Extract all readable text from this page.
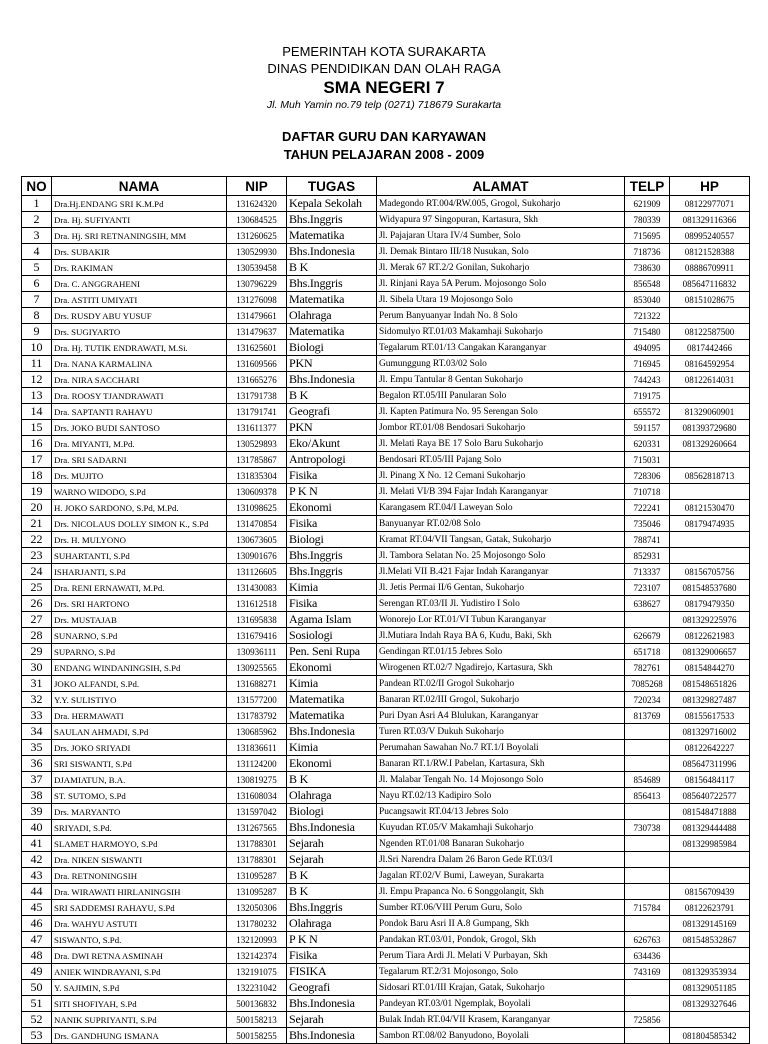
PEMERINTAH KOTA SURAKARTA
DINAS PENDIDIKAN DAN OLAH RAGA
SMA NEGERI 7
Jl. Muh Yamin no.79 telp (0271) 718679 Surakarta
DAFTAR GURU DAN KARYAWAN
TAHUN PELAJARAN 2008 - 2009
NO	NAMA	NIP	TUGAS	ALAMAT	TELP	HP
1	Dra.Hj.ENDANG SRI K.M.Pd	131624320	Kepala Sekolah	Madegondo RT.004/RW.005, Grogol, Sukoharjo	621909	08122977071
2	Dra. Hj. SUFIYANTI	130684525	Bhs.Inggris	Widyapura 97 Singopuran, Kartasura, Skh	780339	081329116366
3	Dra. Hj. SRI RETNANINGSIH, MM	131260625	Matematika	Jl. Pajajaran Utara IV/4 Sumber, Solo	715695	08995240557
4	Drs. SUBAKIR	130529930	Bhs.Indonesia	Jl. Demak Bintaro III/18 Nusukan, Solo	718736	08121528388
5	Drs. RAKIMAN	130539458	B K	Jl. Merak 67 RT.2/2 Gonilan, Sukoharjo	738630	08886709911
6	Dra. C. ANGGRAHENI	130796229	Bhs.Inggris	Jl. Rinjani Raya 5A Perum. Mojosongo Solo	856548	085647116832
7	Dra. ASTITI UMIYATI	131276098	Matematika	Jl. Sibela Utara 19 Mojosongo Solo	853040	08151028675
8	Drs. RUSDY ABU YUSUF	131479661	Olahraga	Perum Banyuanyar Indah No. 8 Solo	721322	
9	Drs. SUGIYARTO	131479637	Matematika	Sidomulyo RT.01/03 Makamhaji Sukoharjo	715480	08122587500
10	Dra. Hj. TUTIK ENDRAWATI, M.Si.	131625601	Biologi	Tegalarum RT.01/13 Cangakan Karanganyar	494095	0817442466
11	Dra. NANA KARMALINA	131609566	PKN	Gumunggung RT.03/02 Solo	716945	08164592954
12	Dra. NIRA SACCHARI	131665276	Bhs.Indonesia	Jl. Empu Tantular 8 Gentan Sukoharjo	744243	08122614031
13	Dra. ROOSY TJANDRAWATI	131791738	B K	Begalon RT.05/III Panularan Solo	719175	
14	Dra. SAPTANTI RAHAYU	131791741	Geografi	Jl. Kapten Patimura No. 95 Serengan Solo	655572	81329060901
15	Drs. JOKO BUDI SANTOSO	131611377	PKN	Jombor RT.01/08 Bendosari Sukoharjo	591157	081393729680
16	Dra. MIYANTI, M.Pd.	130529893	Eko/Akunt	Jl. Melati Raya BE 17 Solo Baru Sukoharjo	620331	081329260664
17	Dra. SRI SADARNI	131785867	Antropologi	Bendosari RT.05/III Pajang Solo	715031	
18	Drs. MUJITO	131835304	Fisika	Jl. Pinang X No. 12 Cemani Sukoharjo	728306	08562818713
19	WARNO WIDODO, S.Pd	130609378	P K N	Jl. Melati VI/B 394 Fajar Indah Karanganyar	710718	
20	H. JOKO SARDONO, S.Pd, M.Pd.	131098625	Ekonomi	Karangasem RT.04/I Laweyan Solo	722241	08121530470
21	Drs. NICOLAUS DOLLY SIMON K., S.Pd	131470854	Fisika	Banyuanyar RT.02/08 Solo	735046	08179474935
22	Drs. H. MULYONO	130673605	Biologi	Kramat RT.04/VII Tangsan, Gatak, Sukoharjo	788741	
23	SUHARTANTI, S.Pd	130901676	Bhs.Inggris	Jl. Tambora Selatan No. 25 Mojosongo Solo	852931	
24	ISHARJANTI, S.Pd	131126605	Bhs.Inggris	Jl.Melati VII B.421 Fajar Indah Karanganyar	713337	08156705756
25	Dra. RENI ERNAWATI, M.Pd.	131430083	Kimia	Jl. Jetis Permai II/6 Gentan, Sukoharjo	723107	081548537680
26	Drs. SRI HARTONO	131612518	Fisika	Serengan RT.03/II Jl. Yudistiro I Solo	638627	08179479350
27	Drs. MUSTAJAB	131695838	Agama Islam	Wonorejo Lor RT.01/VI Tubun Karanganyar		081329225976
28	SUNARNO, S.Pd	131679416	Sosiologi	Jl.Mutiara Indah Raya BA 6, Kudu, Baki, Skh	626679	08122621983
29	SUPARNO, S.Pd	130936111	Pen. Seni Rupa	Gendingan RT.01/15 Jebres Solo	651718	081329006657
30	ENDANG WINDANINGSIH, S.Pd	130925565	Ekonomi	Wirogenen RT.02/7 Ngadirejo, Kartasura, Skh	782761	08154844270
31	JOKO ALFANDI, S.Pd.	131688271	Kimia	Pandean RT.02/II Grogol Sukoharjo	7085268	081548651826
32	Y.Y. SULISTIYO	131577200	Matematika	Banaran RT.02/III Grogol, Sukoharjo	720234	081329827487
33	Dra. HERMAWATI	131783792	Matematika	Puri Dyan Asri A4 Blulukan, Karanganyar	813769	08155617533
34	SAULAN AHMADI, S.Pd	130685962	Bhs.Indonesia	Turen RT.03/V Dukuh Sukoharjo		081329716002
35	Drs. JOKO SRIYADI	131836611	Kimia	Perumahan Sawahan No.7 RT.1/I Boyolali		08122642227
36	SRI SISWANTI, S.Pd	131124200	Ekonomi	Banaran RT.1/RW.I Pabelan, Kartasura, Skh		085647311996
37	DJAMIATUN, B.A.	130819275	B K	Jl. Malabar Tengah No. 14 Mojosongo Solo	854689	08156484117
38	ST. SUTOMO, S.Pd	131608034	Olahraga	Nayu RT.02/13 Kadipiro Solo	856413	085640722577
39	Drs. MARYANTO	131597042	Biologi	Pucangsawit RT.04/13 Jebres Solo		081548471888
40	SRIYADI, S.Pd.	131267565	Bhs.Indonesia	Kuyudan RT.05/V Makamhaji Sukoharjo	730738	081329444488
41	SLAMET HARMOYO, S.Pd	131788301	Sejarah	Ngenden RT.01/08 Banaran Sukoharjo		081329985984
42	Dra. NIKEN SISWANTI	131788301	Sejarah	Jl.Sri Narendra Dalam 26 Baron Gede RT.03/I		
43	Dra. RETNONINGSIH	131095287	B K	Jagalan RT.02/V Bumi, Laweyan, Surakarta		
44	Dra. WIRAWATI HIRLANINGSIH	131095287	B K	Jl. Empu Prapanca No. 6 Songgolangit, Skh		08156709439
45	SRI SADDEMSI RAHAYU, S.Pd	132050306	Bhs.Inggris	Sumber RT.06/VIII Perum Guru, Solo	715784	08122623791
46	Dra. WAHYU ASTUTI	131780232	Olahraga	Pondok Baru Asri II A.8 Gumpang, Skh		081329145169
47	SISWANTO, S.Pd.	132120993	P K N	Pandakan RT.03/01, Pondok, Grogol, Skh	626763	081548532867
48	Dra. DWI RETNA ASMINAH	132142374	Fisika	Perum Tiara Ardi Jl. Melati V Purbayan, Skh	634436	
49	ANIEK WINDRAYANI, S.Pd	132191075	FISIKA	Tegalarum RT.2/31 Mojosongo, Solo	743169	081329353934
50	Y. SAJIMIN, S.Pd	132231042	Geografi	Sidosari RT.01/III Krajan, Gatak, Sukoharjo		081329051185
51	SITI SHOFIYAH, S.Pd	500136832	Bhs.Indonesia	Pandeyan RT.03/01 Ngemplak, Boyolali		081329327646
52	NANIK SUPRIYANTI, S.Pd	500158213	Sejarah	Bulak Indah RT.04/VII Krasem, Karanganyar	725856	
53	Drs. GANDHUNG ISMANA	500158255	Bhs.Indonesia	Sambon RT.08/02 Banyudono, Boyolali		081804585342
